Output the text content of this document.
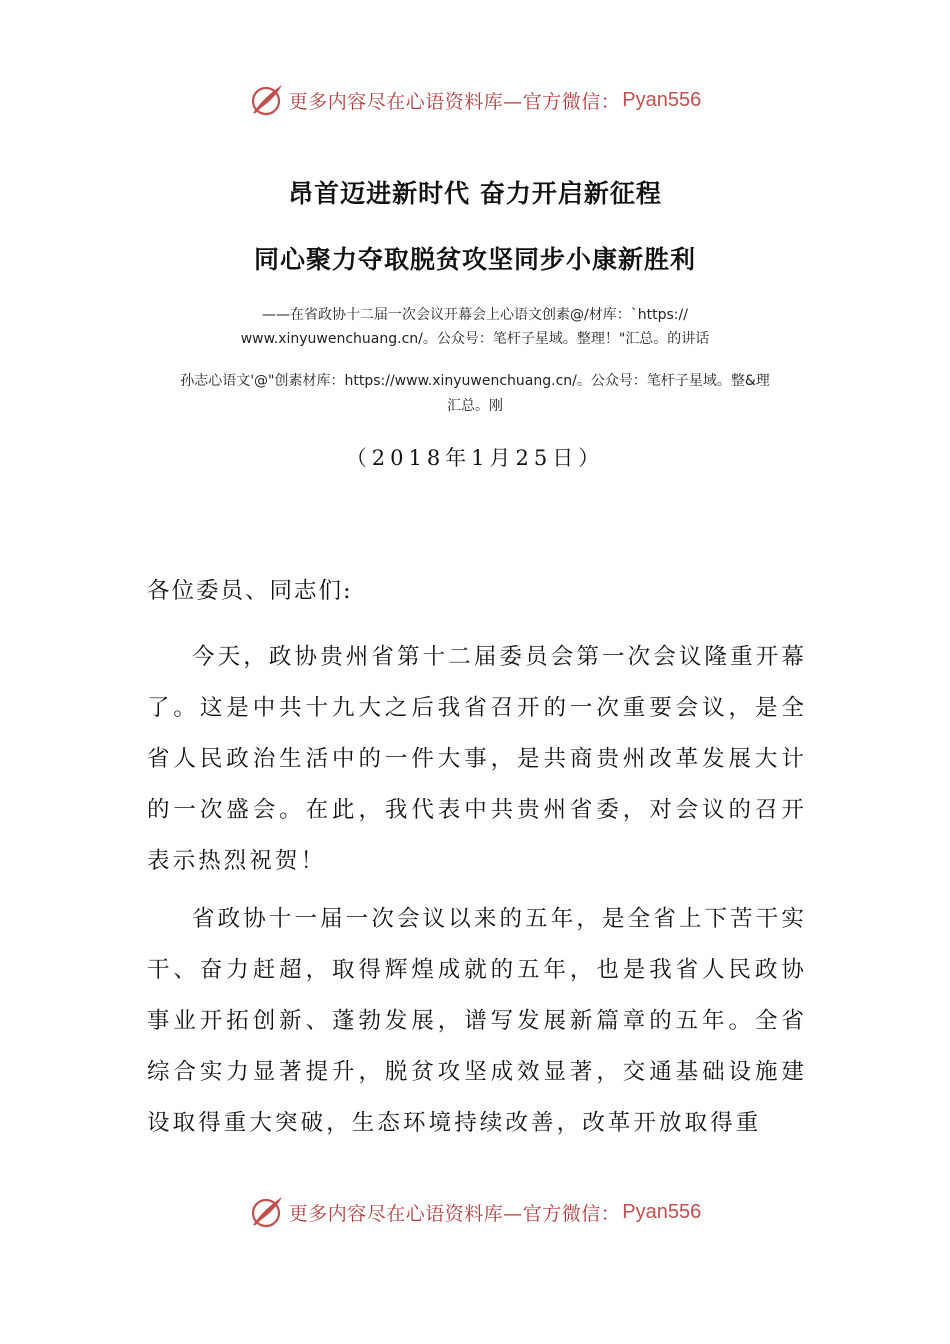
更多内容尽在心语资料库—官方微信： Pyan556
昂首迈进新时代 奋力开启新征程
同心聚力夺取脱贫攻坚同步小康新胜利
——在省政协十二届一次会议开幕会上心语文创素@/材库：`https://
www.xinyuwenchuang.cn/。公众号：笔杆子星域。整理！"汇总。的讲话
孙志心语文'@"创素材库：https://www.xinyuwenchuang.cn/。公众号：笔杆子星域。整&理
汇总。刚
（2018年1月25日）
各位委员、同志们:
今天，政协贵州省第十二届委员会第一次会议隆重开幕了。这是中共十九大之后我省召开的一次重要会议，是全省人民政治生活中的一件大事，是共商贵州改革发展大计的一次盛会。在此，我代表中共贵州省委，对会议的召开表示热烈祝贺！
省政协十一届一次会议以来的五年，是全省上下苦干实干、奋力赶超，取得辉煌成就的五年，也是我省人民政协事业开拓创新、蓬勃发展，谱写发展新篇章的五年。全省综合实力显著提升，脱贫攻坚成效显著，交通基础设施建设取得重大突破，生态环境持续改善，改革开放取得重
更多内容尽在心语资料库—官方微信： Pyan556
